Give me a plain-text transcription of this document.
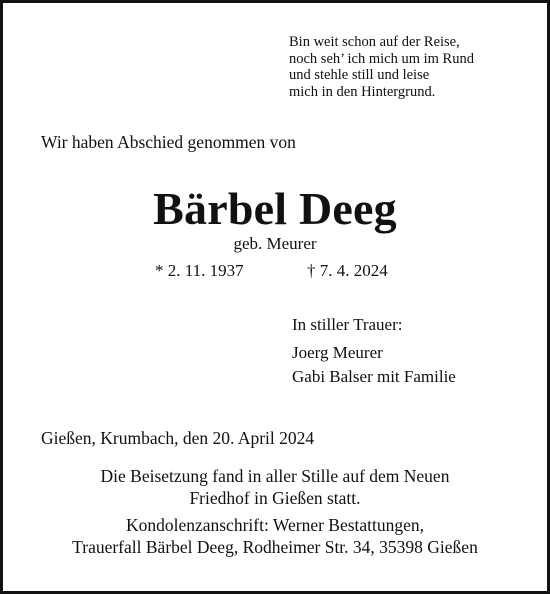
Bin weit schon auf der Reise,
noch seh’ ich mich um im Rund
und stehle still und leise
mich in den Hintergrund.
Wir haben Abschied genommen von
Bärbel Deeg
geb. Meurer
* 2. 11. 1937	† 7. 4. 2024
In stiller Trauer:
Joerg Meurer
Gabi Balser mit Familie
Gießen, Krumbach, den 20. April 2024
Die Beisetzung fand in aller Stille auf dem Neuen
Friedhof in Gießen statt.
Kondolenzanschrift: Werner Bestattungen,
Trauerfall Bärbel Deeg, Rodheimer Str. 34, 35398 Gießen
